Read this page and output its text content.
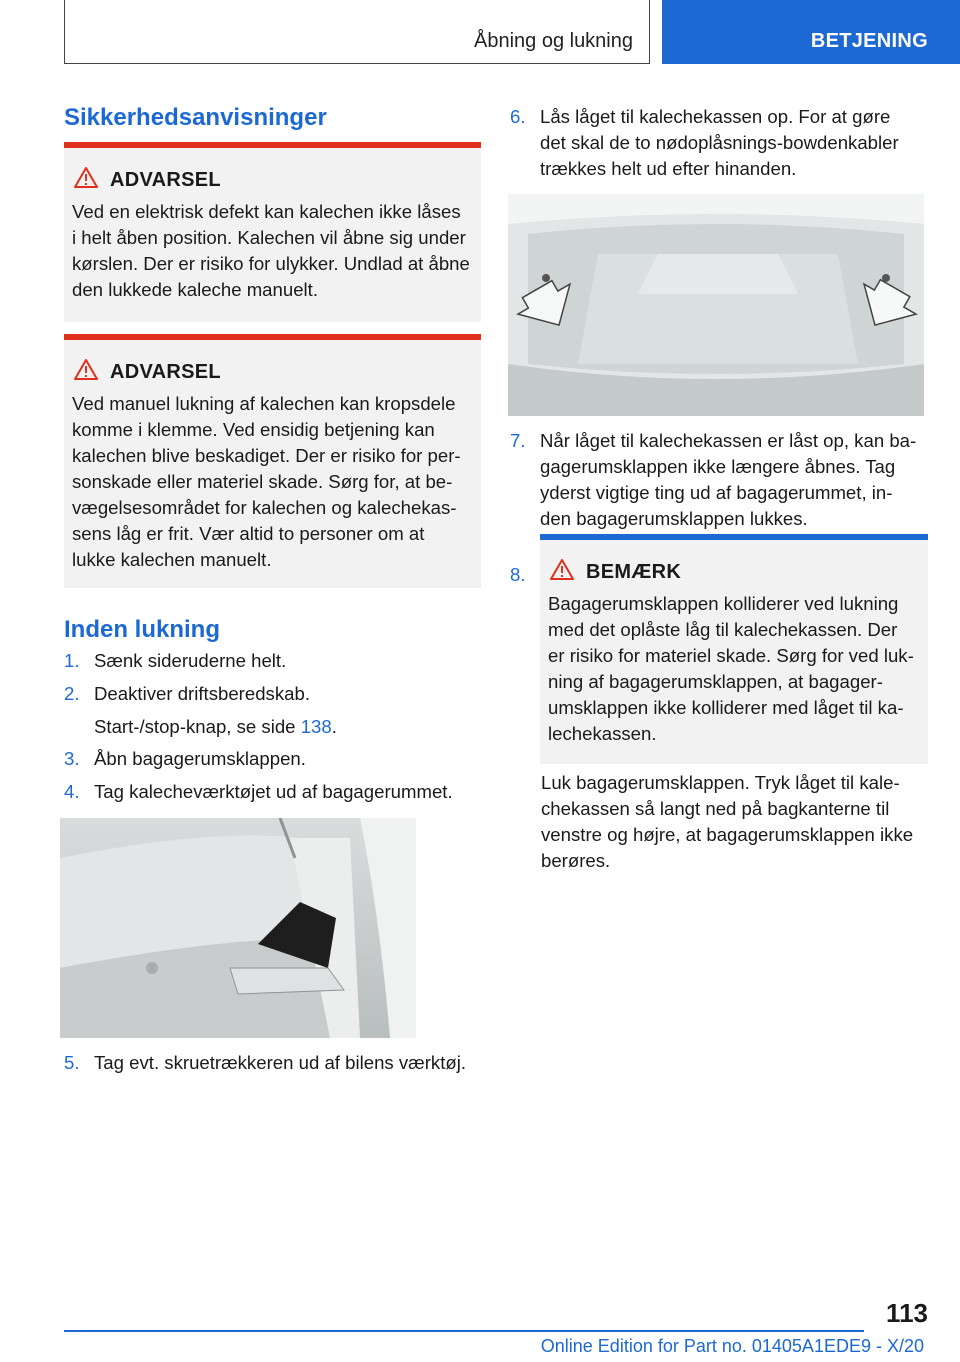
Åbning og lukning	BETJENING
Sikkerhedsanvisninger
ADVARSEL
Ved en elektrisk defekt kan kalechen ikke låses
i helt åben position. Kalechen vil åbne sig under
kørslen. Der er risiko for ulykker. Undlad at åbne
den lukkede kaleche manuelt.
ADVARSEL
Ved manuel lukning af kalechen kan kropsdele
komme i klemme. Ved ensidig betjening kan
kalechen blive beskadiget. Der er risiko for per-
sonskade eller materiel skade. Sørg for, at be-
vægelsesområdet for kalechen og kalechekas-
sens låg er frit. Vær altid to personer om at
lukke kalechen manuelt.
Inden lukning
1. Sænk sideruderne helt.
2. Deaktiver driftsberedskab.
Start-/stop-knap, se side 138.
3. Åbn bagagerumsklappen.
4. Tag kalecheværktøjet ud af bagagerummet.
5. Tag evt. skruetrækkeren ud af bilens værktøj.
6. Lås låget til kalechekassen op. For at gøre
det skal de to nødoplåsnings-bowdenkabler
trækkes helt ud efter hinanden.
7. Når låget til kalechekassen er låst op, kan ba-
gagerumsklappen ikke længere åbnes. Tag
yderst vigtige ting ud af bagagerummet, in-
den bagagerumsklappen lukkes.
8.	BEMÆRK
Bagagerumsklappen kolliderer ved lukning
med det oplåste låg til kalechekassen. Der
er risiko for materiel skade. Sørg for ved luk-
ning af bagagerumsklappen, at bagager-
umsklappen ikke kolliderer med låget til ka-
lechekassen.
Luk bagagerumsklappen. Tryk låget til kale-
chekassen så langt ned på bagkanterne til
venstre og højre, at bagagerumsklappen ikke
berøres.
113
Online Edition for Part no. 01405A1EDE9 - X/20
